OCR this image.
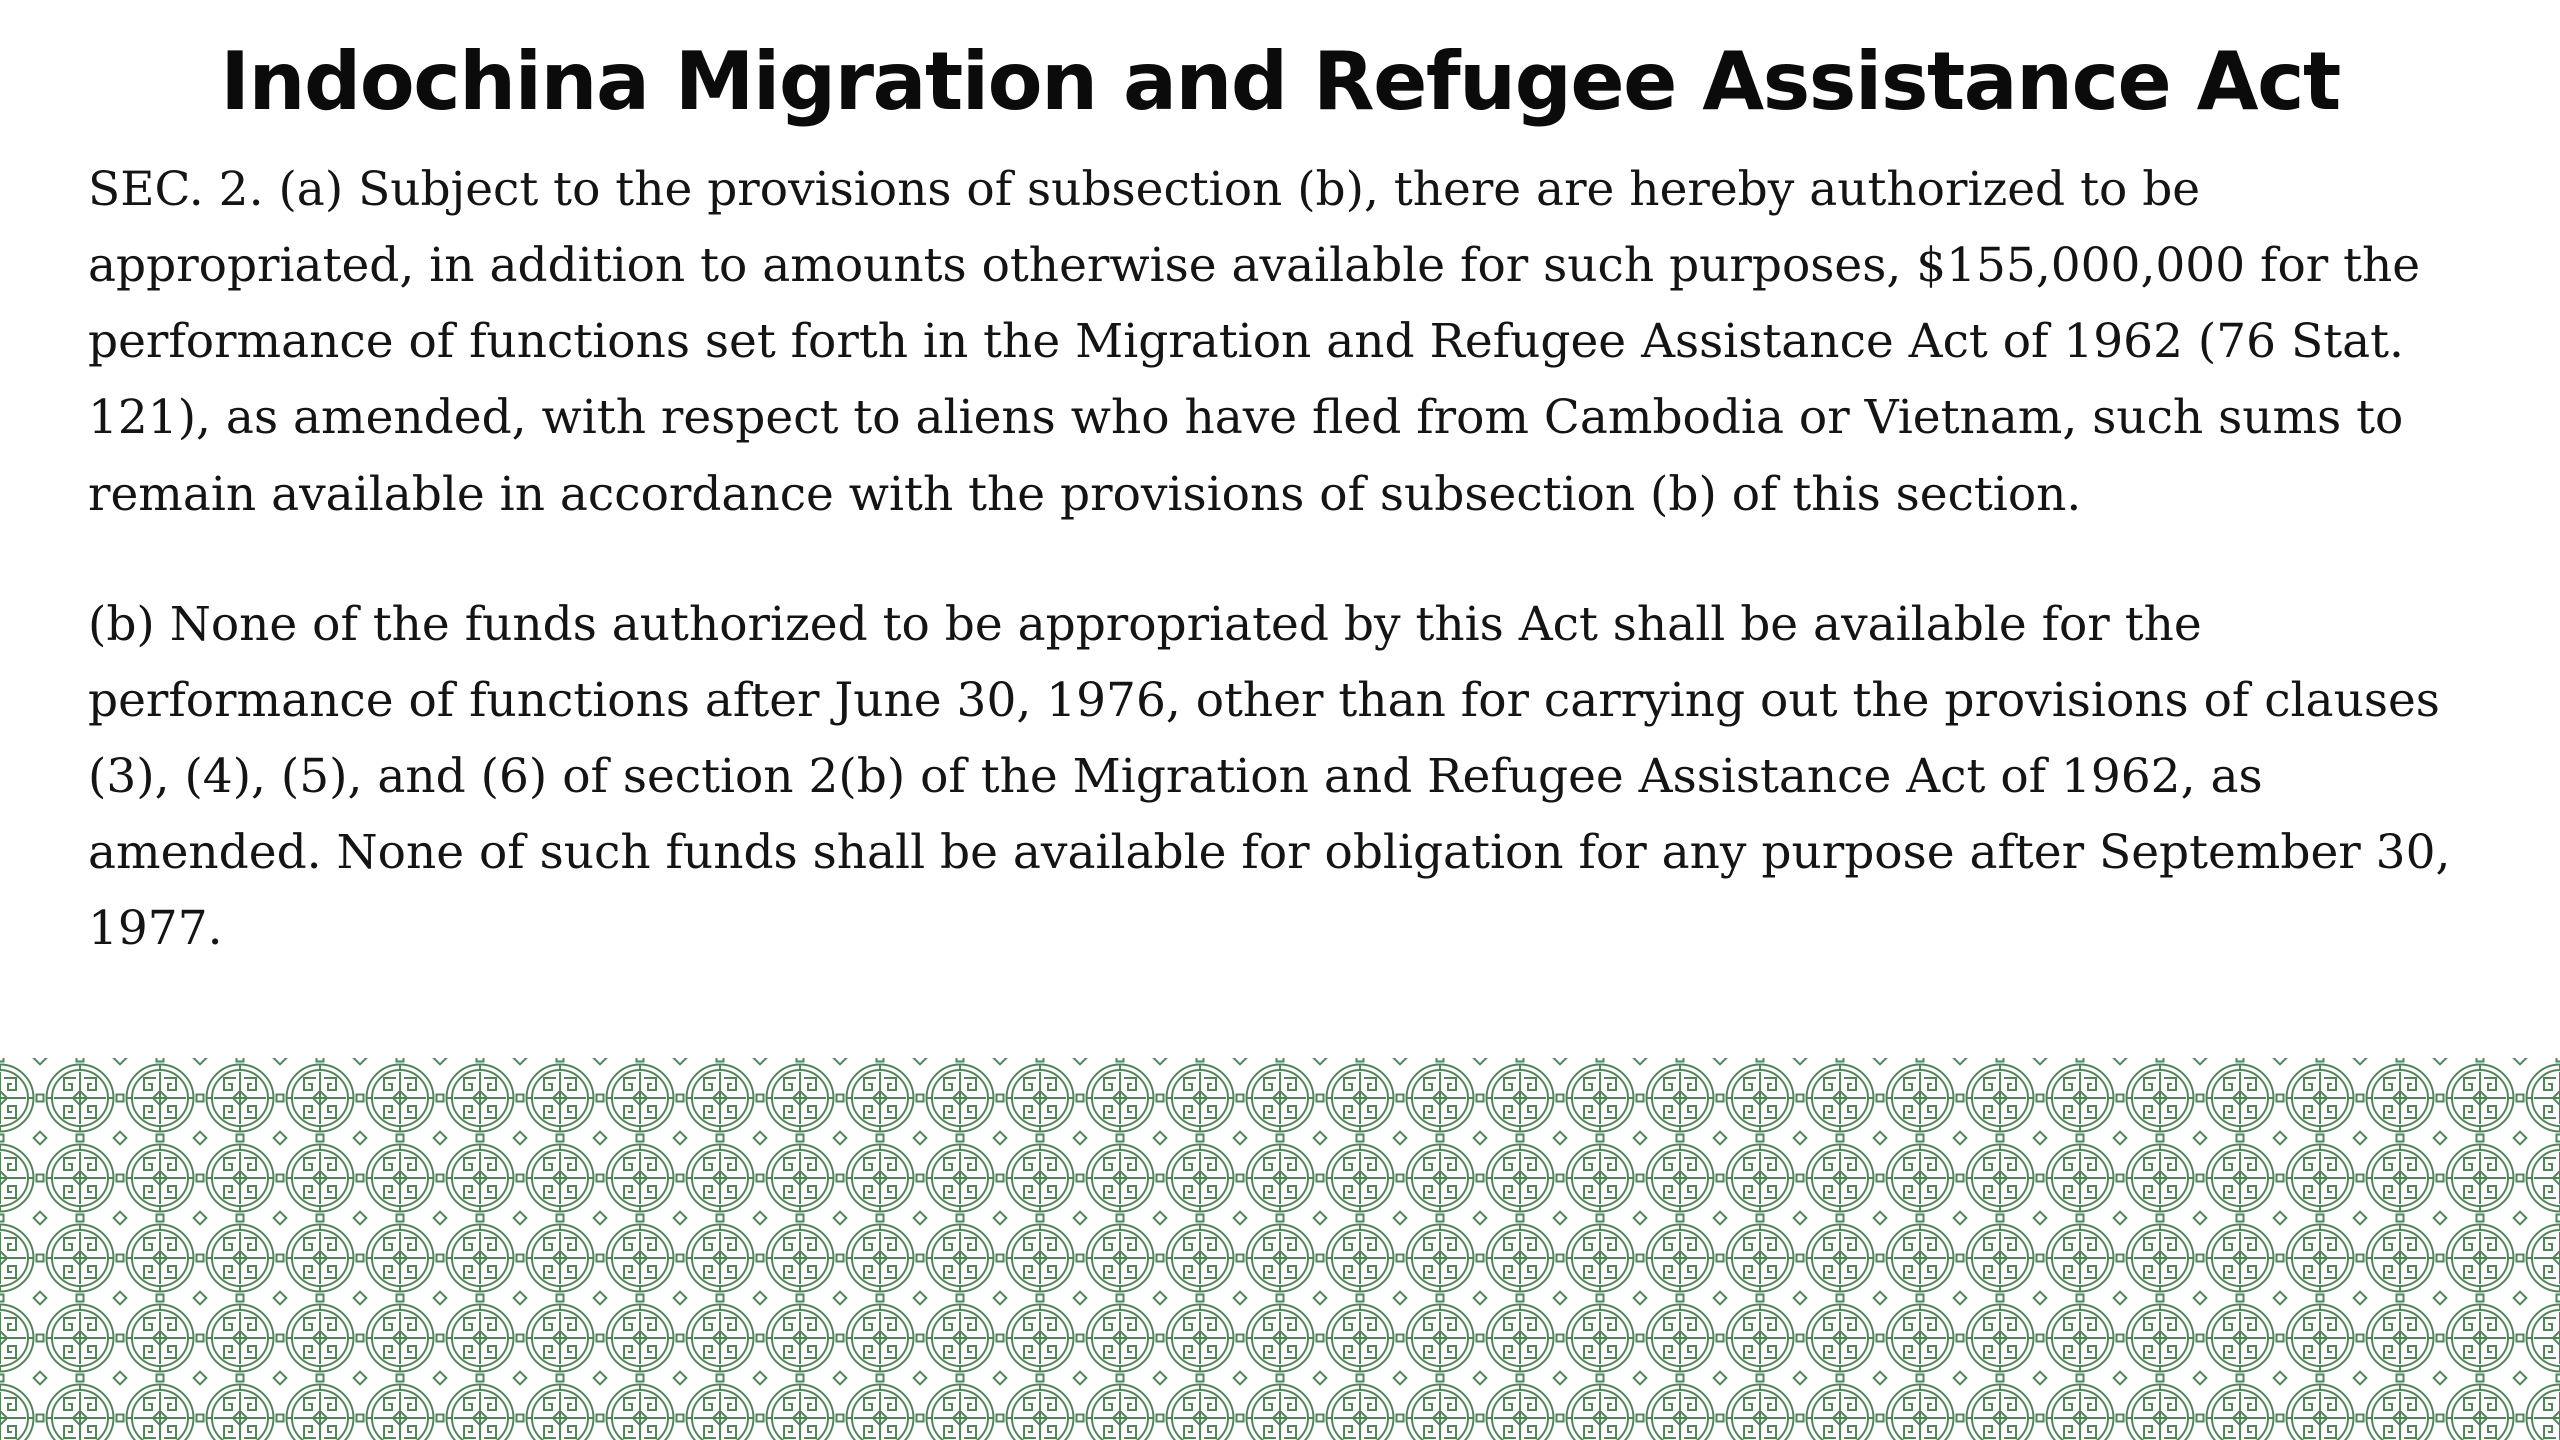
Indochina Migration and Refugee Assistance Act

SEC. 2. (a) Subject to the provisions of subsection (b), there are hereby authorized to be appropriated, in addition to amounts otherwise available for such purposes, $155,000,000 for the performance of functions set forth in the Migration and Refugee Assistance Act of 1962 (76 Stat. 121), as amended, with respect to aliens who have fled from Cambodia or Vietnam, such sums to remain available in accordance with the provisions of subsection (b) of this section.

(b) None of the funds authorized to be appropriated by this Act shall be available for the performance of functions after June 30, 1976, other than for carrying out the provisions of clauses (3), (4), (5), and (6) of section 2(b) of the Migration and Refugee Assistance Act of 1962, as amended. None of such funds shall be available for obligation for any purpose after September 30, 1977.
